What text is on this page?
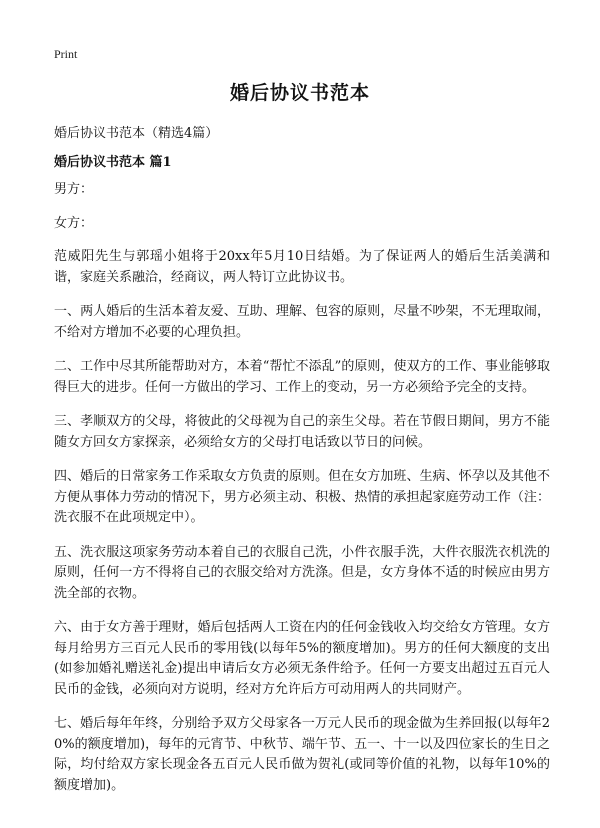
Print
婚后协议书范本

婚后协议书范本（精选4篇）

婚后协议书范本 篇1

男方：

女方：

范威阳先生与郭瑶小姐将于20xx年5月10日结婚。为了保证两人的婚后生活美满和谐，家庭关系融洽，经商议，两人特订立此协议书。

一、两人婚后的生活本着友爱、互助、理解、包容的原则，尽量不吵架，不无理取闹，不给对方增加不必要的心理负担。

二、工作中尽其所能帮助对方，本着“帮忙不添乱”的原则，使双方的工作、事业能够取得巨大的进步。任何一方做出的学习、工作上的变动，另一方必须给予完全的支持。

三、孝顺双方的父母，将彼此的父母视为自己的亲生父母。若在节假日期间，男方不能随女方回女方家探亲，必须给女方的父母打电话致以节日的问候。

四、婚后的日常家务工作采取女方负责的原则。但在女方加班、生病、怀孕以及其他不方便从事体力劳动的情况下，男方必须主动、积极、热情的承担起家庭劳动工作（注：洗衣服不在此项规定中）。

五、洗衣服这项家务劳动本着自己的衣服自己洗，小件衣服手洗，大件衣服洗衣机洗的原则，任何一方不得将自己的衣服交给对方洗涤。但是，女方身体不适的时候应由男方洗全部的衣物。

六、由于女方善于理财，婚后包括两人工资在内的任何金钱收入均交给女方管理。女方每月给男方三百元人民币的零用钱(以每年5%的额度增加)。男方的任何大额度的支出(如参加婚礼赠送礼金)提出申请后女方必须无条件给予。任何一方要支出超过五百元人民币的金钱，必须向对方说明，经对方允许后方可动用两人的共同财产。

七、婚后每年年终，分别给予双方父母家各一万元人民币的现金做为生养回报(以每年20%的额度增加)，每年的元宵节、中秋节、端午节、五一、十一以及四位家长的生日之际，均付给双方家长现金各五百元人民币做为贺礼(或同等价值的礼物，以每年10%的额度增加)。
